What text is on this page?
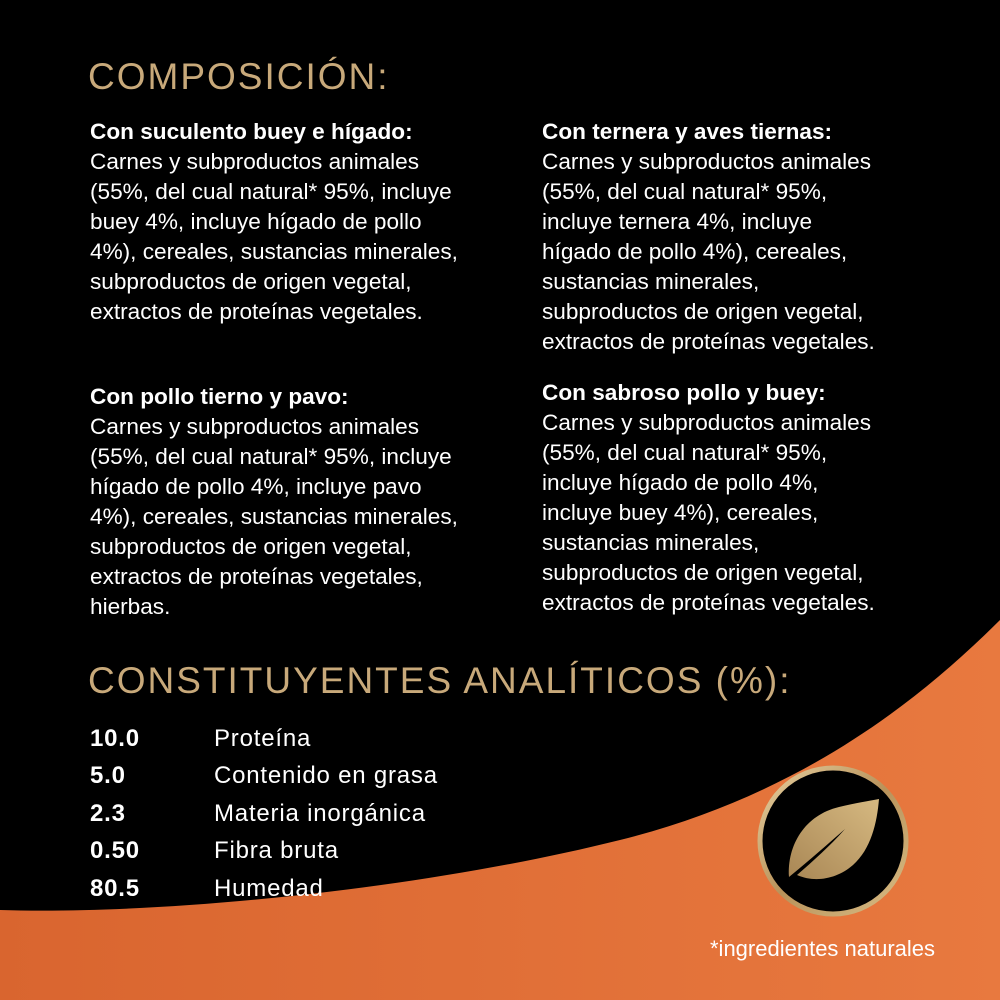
COMPOSICIÓN:
Con suculento buey e hígado:
Carnes y subproductos animales
(55%, del cual natural* 95%, incluye
buey 4%, incluye hígado de pollo
4%), cereales, sustancias minerales,
subproductos de origen vegetal,
extractos de proteínas vegetales.
Con ternera y aves tiernas:
Carnes y subproductos animales
(55%, del cual natural* 95%,
incluye ternera 4%, incluye
hígado de pollo 4%), cereales,
sustancias minerales,
subproductos de origen vegetal,
extractos de proteínas vegetales.
Con pollo tierno y pavo:
Carnes y subproductos animales
(55%, del cual natural* 95%, incluye
hígado de pollo 4%, incluye pavo
4%), cereales, sustancias minerales,
subproductos de origen vegetal,
extractos de proteínas vegetales,
hierbas.
Con sabroso pollo y buey:
Carnes y subproductos animales
(55%, del cual natural* 95%,
incluye hígado de pollo 4%,
incluye buey 4%), cereales,
sustancias minerales,
subproductos de origen vegetal,
extractos de proteínas vegetales.
CONSTITUYENTES ANALÍTICOS (%):
10.0	Proteína
5.0	Contenido en grasa
2.3	Materia inorgánica
0.50	Fibra bruta
80.5	Humedad
*ingredientes naturales
